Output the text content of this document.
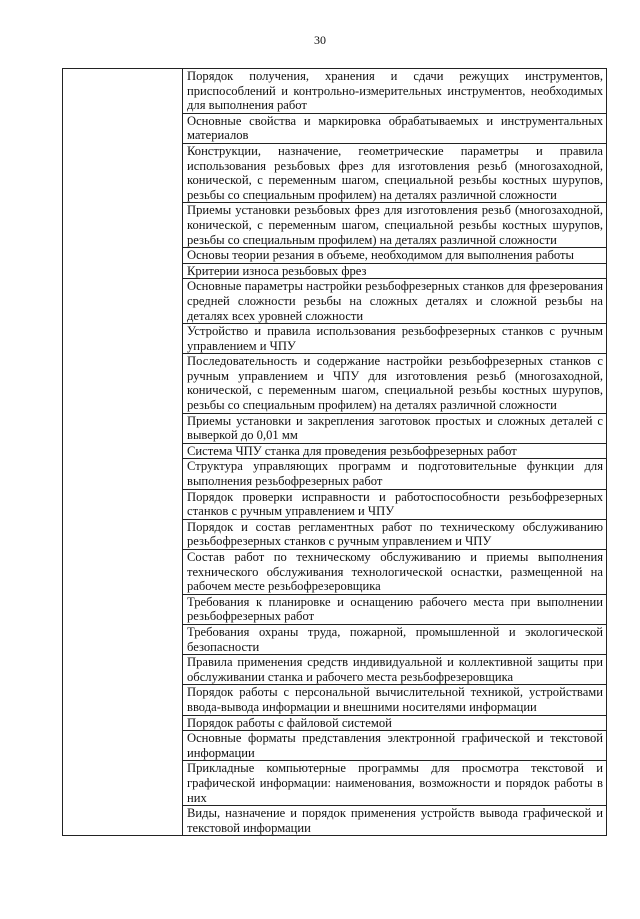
30
	Порядок получения, хранения и сдачи режущих инструментов, приспособлений и контрольно-измерительных инструментов, необходимых для выполнения работ
Основные свойства и маркировка обрабатываемых и инструментальных материалов
Конструкции, назначение, геометрические параметры и правила использования резьбовых фрез для изготовления резьб (многозаходной, конической, с переменным шагом, специальной резьбы костных шурупов, резьбы со специальным профилем) на деталях различной сложности
Приемы установки резьбовых фрез для изготовления резьб (многозаходной, конической, с переменным шагом, специальной резьбы костных шурупов, резьбы со специальным профилем) на деталях различной сложности
Основы теории резания в объеме, необходимом для выполнения работы
Критерии износа резьбовых фрез
Основные параметры настройки резьбофрезерных станков для фрезерования средней сложности резьбы на сложных деталях и сложной резьбы на деталях всех уровней сложности
Устройство и правила использования резьбофрезерных станков с ручным управлением и ЧПУ
Последовательность и содержание настройки резьбофрезерных станков с ручным управлением и ЧПУ для изготовления резьб (многозаходной, конической, с переменным шагом, специальной резьбы костных шурупов, резьбы со специальным профилем) на деталях различной сложности
Приемы установки и закрепления заготовок простых и сложных деталей с выверкой до 0,01 мм
Система ЧПУ станка для проведения резьбофрезерных работ
Структура управляющих программ и подготовительные функции для выполнения резьбофрезерных работ
Порядок проверки исправности и работоспособности резьбофрезерных станков с ручным управлением и ЧПУ
Порядок и состав регламентных работ по техническому обслуживанию резьбофрезерных станков с ручным управлением и ЧПУ
Состав работ по техническому обслуживанию и приемы выполнения технического обслуживания технологической оснастки, размещенной на рабочем месте резьбофрезеровщика
Требования к планировке и оснащению рабочего места при выполнении резьбофрезерных работ
Требования охраны труда, пожарной, промышленной и экологической безопасности
Правила применения средств индивидуальной и коллективной защиты при обслуживании станка и рабочего места резьбофрезеровщика
Порядок работы с персональной вычислительной техникой, устройствами ввода-вывода информации и внешними носителями информации
Порядок работы с файловой системой
Основные форматы представления электронной графической и текстовой информации
Прикладные компьютерные программы для просмотра текстовой и графической информации: наименования, возможности и порядок работы в них
Виды, назначение и порядок применения устройств вывода графической и текстовой информации
